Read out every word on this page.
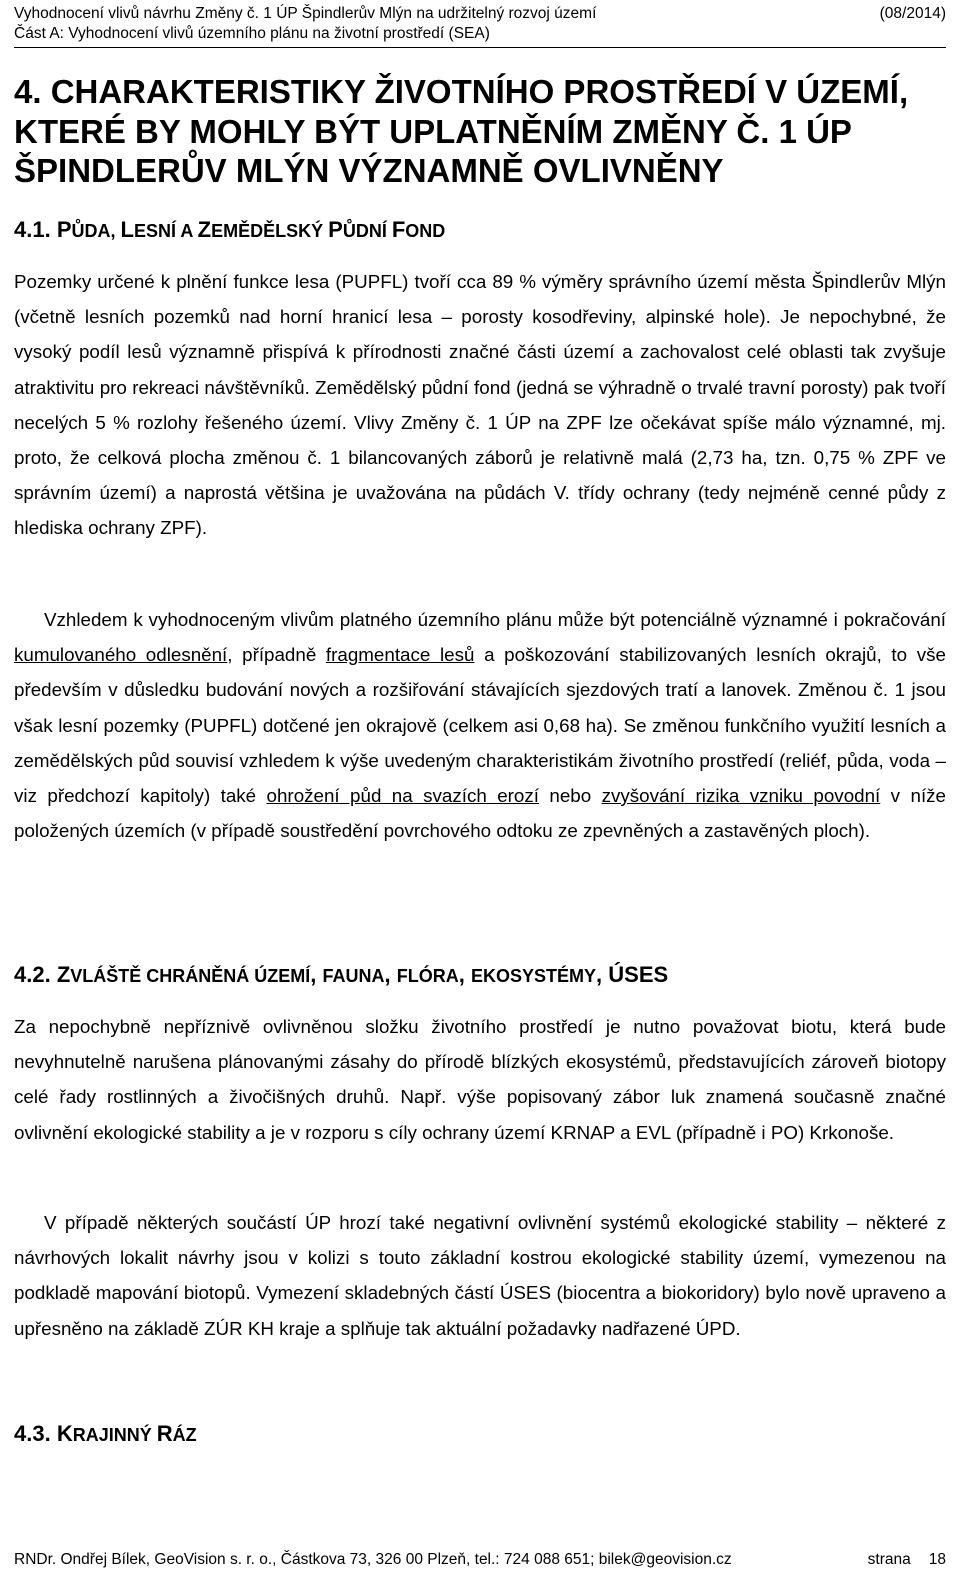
Vyhodnocení vlivů návrhu Změny č. 1 ÚP Špindlerův Mlýn na udržitelný rozvoj území	(08/2014)
Část A: Vyhodnocení vlivů územního plánu na životní prostředí (SEA)
4. CHARAKTERISTIKY ŽIVOTNÍHO PROSTŘEDÍ V ÚZEMÍ, KTERÉ BY MOHLY BÝT UPLATNĚNÍM ZMĚNY Č. 1 ÚP ŠPINDLERŮV MLÝN VÝZNAMNĚ OVLIVNĚNY
4.1. PŮDA, LESNÍ A ZEMĚDĚLSKÝ PŮDNÍ FOND

Pozemky určené k plnění funkce lesa (PUPFL) tvoří cca 89 % výměry správního území města Špindlerův Mlýn (včetně lesních pozemků nad horní hranicí lesa – porosty kosodřeviny, alpinské hole). Je nepochybné, že vysoký podíl lesů významně přispívá k přírodnosti značné části území a zachovalost celé oblasti tak zvyšuje atraktivitu pro rekreaci návštěvníků. Zemědělský půdní fond (jedná se výhradně o trvalé travní porosty) pak tvoří necelých 5 % rozlohy řešeného území. Vlivy Změny č. 1 ÚP na ZPF lze očekávat spíše málo významné, mj. proto, že celková plocha změnou č. 1 bilancovaných záborů je relativně malá (2,73 ha, tzn. 0,75 % ZPF ve správním území) a naprostá většina je uvažována na půdách V. třídy ochrany (tedy nejméně cenné půdy z hlediska ochrany ZPF).

Vzhledem k vyhodnoceným vlivům platného územního plánu může být potenciálně významné i pokračování kumulovaného odlesnění, případně fragmentace lesů a poškozování stabilizovaných lesních okrajů, to vše především v důsledku budování nových a rozšiřování stávajících sjezdových tratí a lanovek. Změnou č. 1 jsou však lesní pozemky (PUPFL) dotčené jen okrajově (celkem asi 0,68 ha). Se změnou funkčního využití lesních a zemědělských půd souvisí vzhledem k výše uvedeným charakteristikám životního prostředí (reliéf, půda, voda – viz předchozí kapitoly) také ohrožení půd na svazích erozí nebo zvyšování rizika vzniku povodní v níže položených územích (v případě soustředění povrchového odtoku ze zpevněných a zastavěných ploch).

4.2. ZVLÁŠTĚ CHRÁNĚNÁ ÚZEMÍ, FAUNA, FLÓRA, EKOSYSTÉMY, ÚSES

Za nepochybně nepříznivě ovlivněnou složku životního prostředí je nutno považovat biotu, která bude nevyhnutelně narušena plánovanými zásahy do přírodě blízkých ekosystémů, představujících zároveň biotopy celé řady rostlinných a živočišných druhů. Např. výše popisovaný zábor luk znamená současně značné ovlivnění ekologické stability a je v rozporu s cíly ochrany území KRNAP a EVL (případně i PO) Krkonoše.

V případě některých součástí ÚP hrozí také negativní ovlivnění systémů ekologické stability – některé z návrhových lokalit návrhy jsou v kolizi s touto základní kostrou ekologické stability území, vymezenou na podkladě mapování biotopů. Vymezení skladebných částí ÚSES (biocentra a biokoridory) bylo nově upraveno a upřesněno na základě ZÚR KH kraje a splňuje tak aktuální požadavky nadřazené ÚPD.

4.3. KRAJINNÝ RÁZ
RNDr. Ondřej Bílek, GeoVision s. r. o., Částkova 73, 326 00 Plzeň, tel.: 724 088 651; bilek@geovision.cz	strana 18
